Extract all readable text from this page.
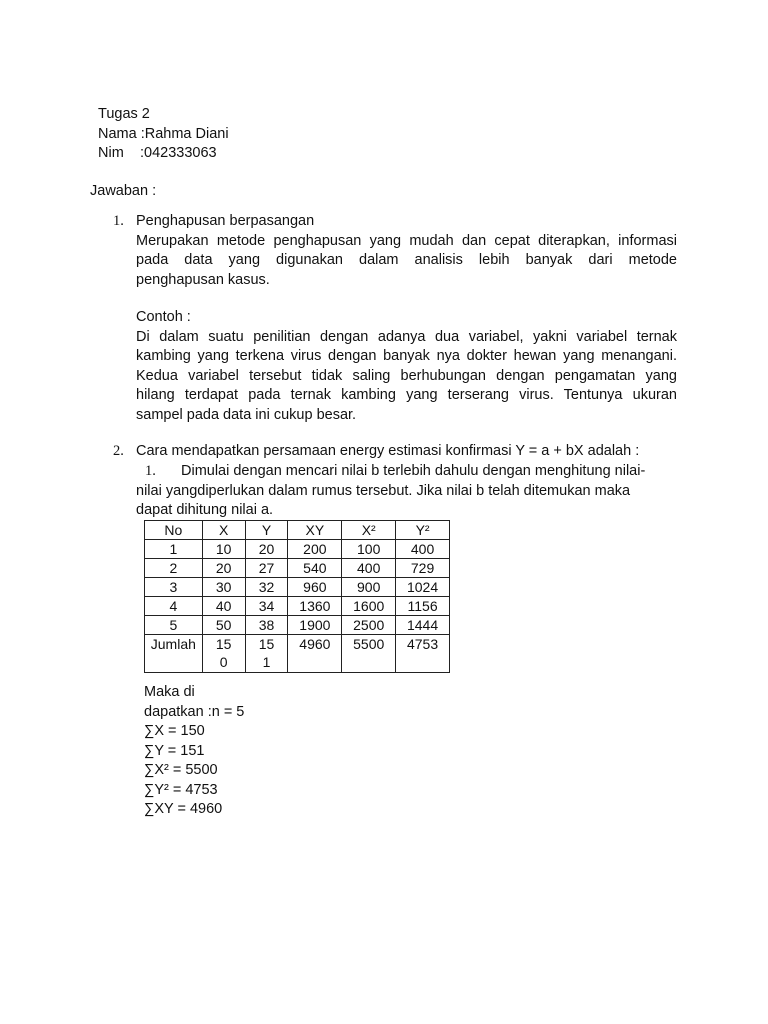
Tugas 2
Nama :Rahma Diani
Nim :042333063
Jawaban :
1. Penghapusan berpasangan
Merupakan metode penghapusan yang mudah dan cepat diterapkan, informasi
pada data yang digunakan dalam analisis lebih banyak dari metode
penghapusan kasus.
Contoh :
Di dalam suatu penilitian dengan adanya dua variabel, yakni variabel ternak
kambing yang terkena virus dengan banyak nya dokter hewan yang menangani.
Kedua variabel tersebut tidak saling berhubungan dengan pengamatan yang
hilang terdapat pada ternak kambing yang terserang virus. Tentunya ukuran
sampel pada data ini cukup besar.
2. Cara mendapatkan persamaan energy estimasi konfirmasi Y = a + bX adalah :
1. Dimulai dengan mencari nilai b terlebih dahulu dengan menghitung nilai-
nilai yangdiperlukan dalam rumus tersebut. Jika nilai b telah ditemukan maka
dapat dihitung nilai a.
No	X	Y	XY	X²	Y²
1	10	20	200	100	400
2	20	27	540	400	729
3	30	32	960	900	1024
4	40	34	1360	1600	1156
5	50	38	1900	2500	1444
Jumlah	150	151	4960	5500	4753
Maka di
dapatkan :n = 5
∑X = 150
∑Y = 151
∑X² = 5500
∑Y² = 4753
∑XY = 4960
